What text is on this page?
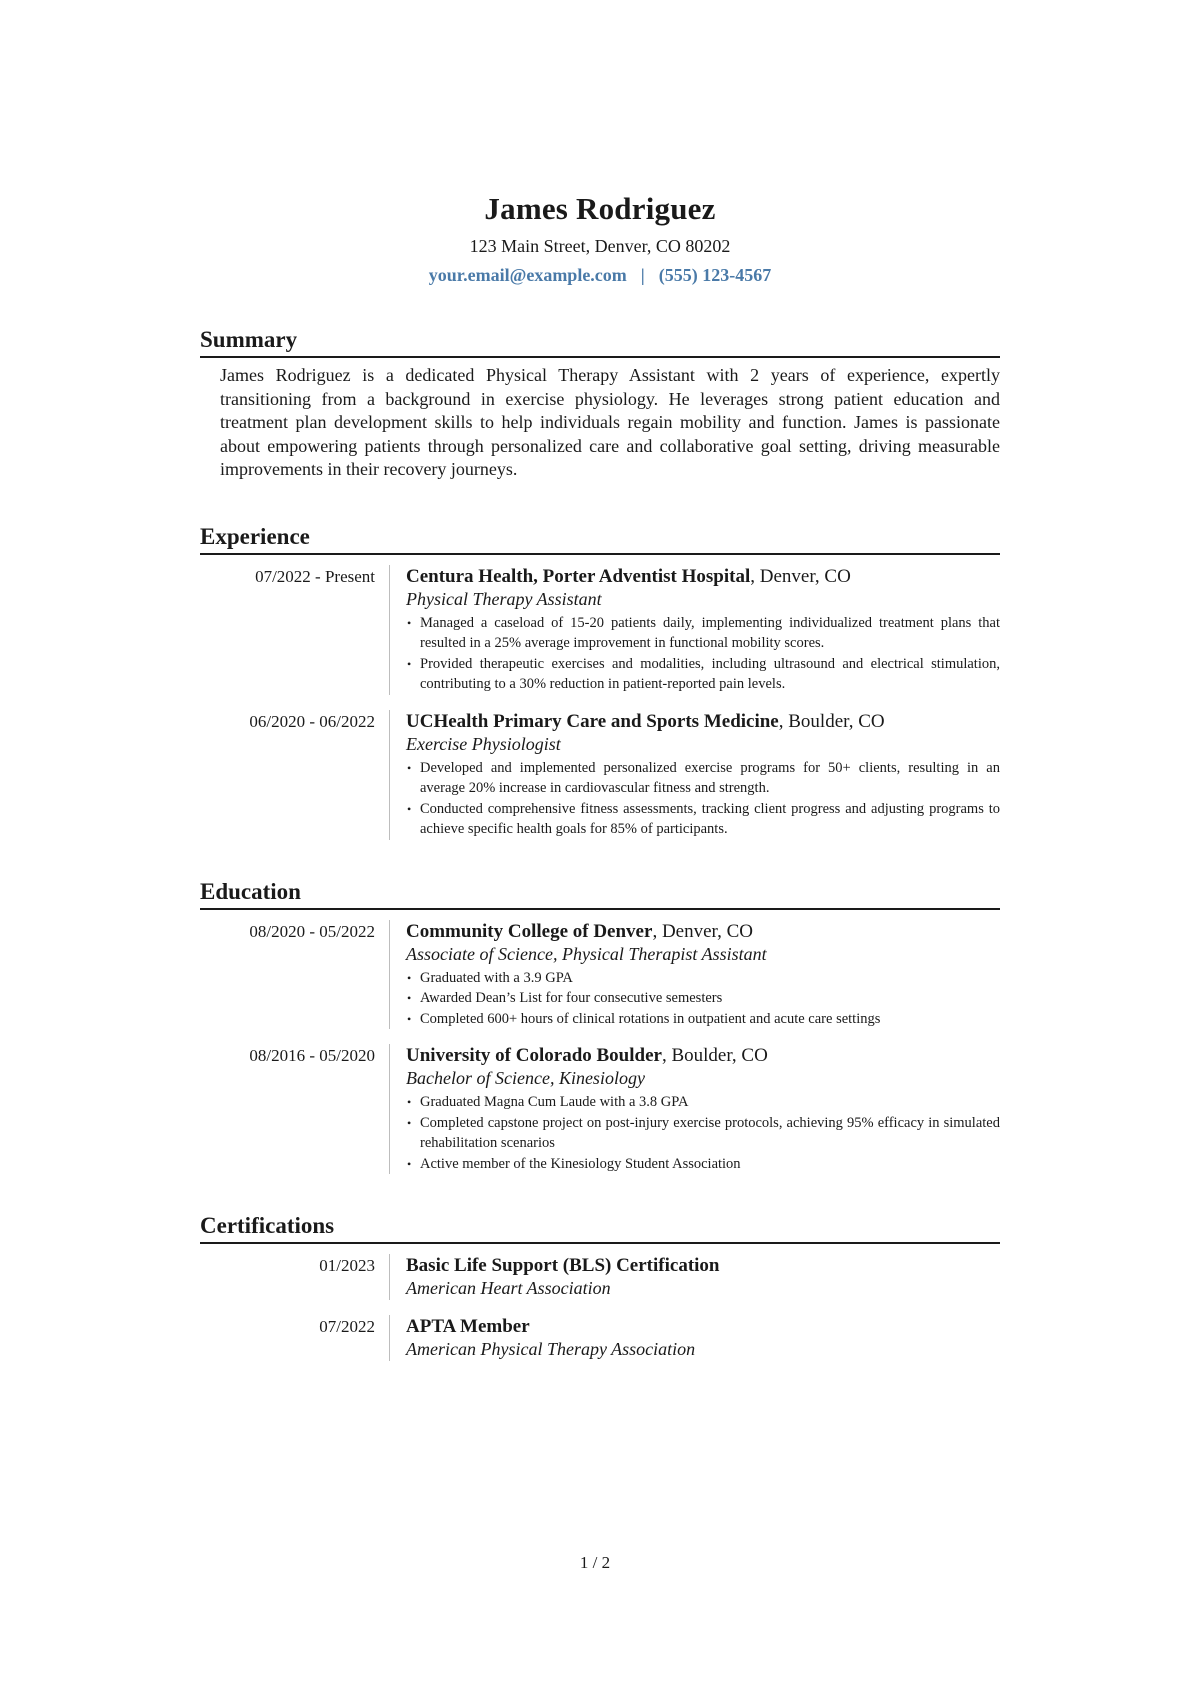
James Rodriguez
123 Main Street, Denver, CO 80202
your.email@example.com | (555) 123-4567
Summary

James Rodriguez is a dedicated Physical Therapy Assistant with 2 years of experience, expertly transitioning from a background in exercise physiology. He leverages strong patient education and treatment plan development skills to help individuals regain mobility and function. James is passionate about empowering patients through personalized care and collaborative goal setting, driving measurable improvements in their recovery journeys.

Experience
07/2022 - Present	Centura Health, Porter Adventist Hospital, Denver, CO
Physical Therapy Assistant
• Managed a caseload of 15-20 patients daily, implementing individualized treatment plans that resulted in a 25% average improvement in functional mobility scores.
• Provided therapeutic exercises and modalities, including ultrasound and electrical stimulation, contributing to a 30% reduction in patient-reported pain levels.
06/2020 - 06/2022	UCHealth Primary Care and Sports Medicine, Boulder, CO
Exercise Physiologist
• Developed and implemented personalized exercise programs for 50+ clients, resulting in an average 20% increase in cardiovascular fitness and strength.
• Conducted comprehensive fitness assessments, tracking client progress and adjusting programs to achieve specific health goals for 85% of participants.
Education
08/2020 - 05/2022	Community College of Denver, Denver, CO
Associate of Science, Physical Therapist Assistant
• Graduated with a 3.9 GPA
• Awarded Dean’s List for four consecutive semesters
• Completed 600+ hours of clinical rotations in outpatient and acute care settings
08/2016 - 05/2020	University of Colorado Boulder, Boulder, CO
Bachelor of Science, Kinesiology
• Graduated Magna Cum Laude with a 3.8 GPA
• Completed capstone project on post-injury exercise protocols, achieving 95% efficacy in simulated rehabilitation scenarios
• Active member of the Kinesiology Student Association
Certifications
01/2023	Basic Life Support (BLS) Certification
American Heart Association
07/2022	APTA Member
American Physical Therapy Association
1 / 2
